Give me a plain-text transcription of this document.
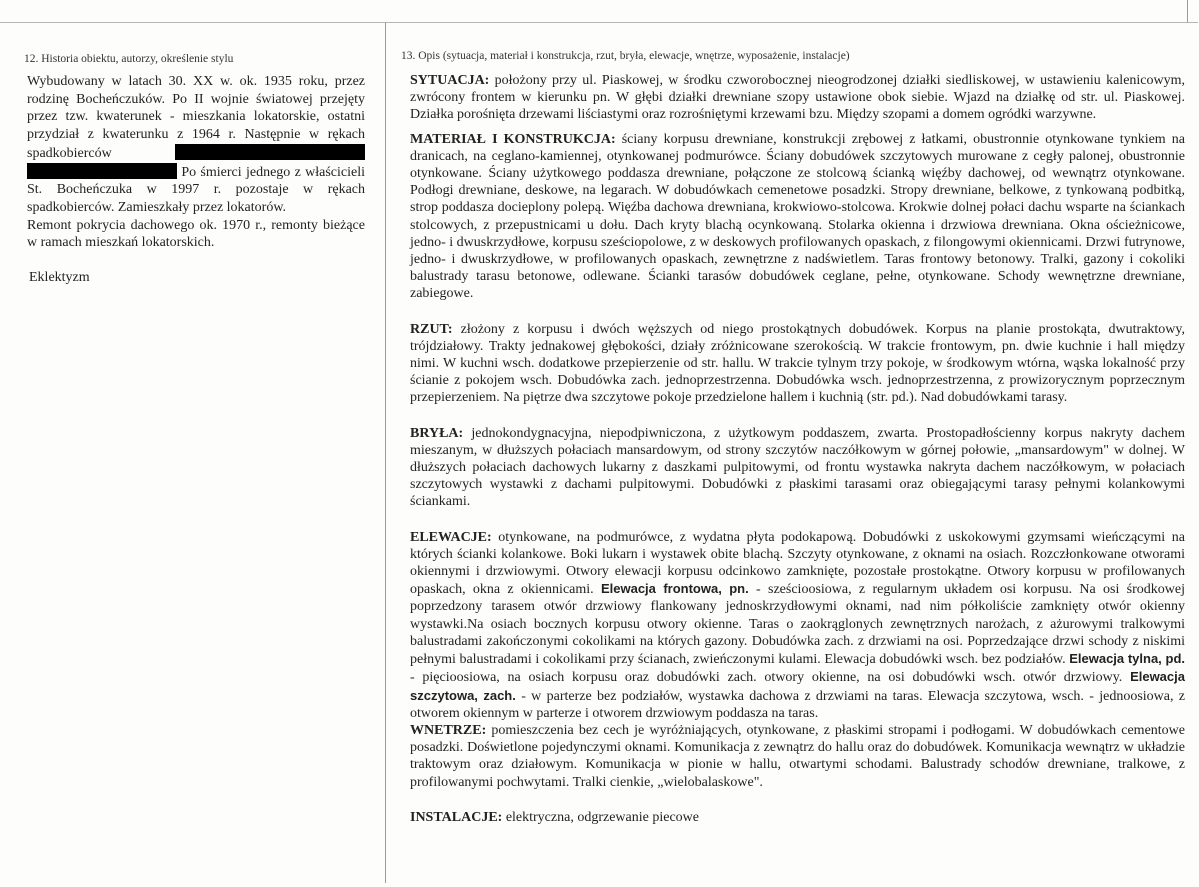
12. Historia obiektu, autorzy, określenie stylu

Wybudowany w latach 30. XX w. ok. 1935 roku, przez rodzinę Bocheńczuków. Po II wojnie światowej przejęty przez tzw. kwaterunek - mieszkania lokatorskie, ostatni przydział z kwaterunku z 1964 r. Następnie w rękach spadkobierców   Po śmierci jednego z właścicieli St. Bocheńczuka w 1997 r. pozostaje w rękach spadkobierców. Zamieszkały przez lokatorów.

Remont pokrycia dachowego ok. 1970 r., remonty bieżące w ramach mieszkań lokatorskich.

Eklektyzm
13. Opis (sytuacja, materiał i konstrukcja, rzut, bryła, elewacje, wnętrze, wyposażenie, instalacje)

SYTUACJA: położony przy ul. Piaskowej, w środku czworobocznej nieogrodzonej działki siedliskowej, w ustawieniu kalenicowym, zwrócony frontem w kierunku pn. W głębi działki drewniane szopy ustawione obok siebie. Wjazd na działkę od str. ul. Piaskowej. Działka porośnięta drzewami liściastymi oraz rozrośniętymi krzewami bzu. Między szopami a domem ogródki warzywne.

MATERIAŁ I KONSTRUKCJA: ściany korpusu drewniane, konstrukcji zrębowej z łatkami, obustronnie otynkowane tynkiem na dranicach, na ceglano-kamiennej, otynkowanej podmurówce. Ściany dobudówek szczytowych murowane z cegły palonej, obustronnie otynkowane. Ściany użytkowego poddasza drewniane, połączone ze stolcową ścianką więźby dachowej, od wewnątrz otynkowane. Podłogi drewniane, deskowe, na legarach. W dobudówkach cemenetowe posadzki. Stropy drewniane, belkowe, z tynkowaną podbitką, strop poddasza docieplony polepą. Więźba dachowa drewniana, krokwiowo-stolcowa. Krokwie dolnej połaci dachu wsparte na ściankach stolcowych, z przepustnicami u dołu. Dach kryty blachą ocynkowaną. Stolarka okienna i drzwiowa drewniana. Okna ościeżnicowe, jedno- i dwuskrzydłowe, korpusu sześciopolowe, z w deskowych profilowanych opaskach, z filongowymi okiennicami. Drzwi futrynowe, jedno- i dwuskrzydłowe, w profilowanych opaskach, zewnętrzne z nadświetlem. Taras frontowy betonowy. Tralki, gazony i cokoliki balustrady tarasu betonowe, odlewane. Ścianki tarasów dobudówek ceglane, pełne, otynkowane. Schody wewnętrzne drewniane, zabiegowe.

RZUT: złożony z korpusu i dwóch węższych od niego prostokątnych dobudówek. Korpus na planie prostokąta, dwutraktowy, trójdziałowy. Trakty jednakowej głębokości, działy zróżnicowane szerokością. W trakcie frontowym, pn. dwie kuchnie i hall między nimi. W kuchni wsch. dodatkowe przepierzenie od str. hallu. W trakcie tylnym trzy pokoje, w środkowym wtórna, wąska lokalność przy ścianie z pokojem wsch. Dobudówka zach. jednoprzestrzenna. Dobudówka wsch. jednoprzestrzenna, z prowizorycznym poprzecznym przepierzeniem. Na piętrze dwa szczytowe pokoje przedzielone hallem i kuchnią (str. pd.). Nad dobudówkami tarasy.

BRYŁA: jednokondygnacyjna, niepodpiwniczona, z użytkowym poddaszem, zwarta. Prostopadłościenny korpus nakryty dachem mieszanym, w dłuższych połaciach mansardowym, od strony szczytów naczółkowym w górnej połowie, „mansardowym" w dolnej. W dłuższych połaciach dachowych lukarny z daszkami pulpitowymi, od frontu wystawka nakryta dachem naczółkowym, w połaciach szczytowych wystawki z dachami pulpitowymi. Dobudówki z płaskimi tarasami oraz obiegającymi tarasy pełnymi kolankowymi ściankami.

ELEWACJE: otynkowane, na podmurówce, z wydatna płyta podokapową. Dobudówki z uskokowymi gzymsami wieńczącymi na których ścianki kolankowe. Boki lukarn i wystawek obite blachą. Szczyty otynkowane, z oknami na osiach. Rozczłonkowane otworami okiennymi i drzwiowymi. Otwory elewacji korpusu odcinkowo zamknięte, pozostałe prostokątne. Otwory korpusu w profilowanych opaskach, okna z okiennicami. Elewacja frontowa, pn. - sześcioosiowa, z regularnym układem osi korpusu. Na osi środkowej poprzedzony tarasem otwór drzwiowy flankowany jednoskrzydłowymi oknami, nad nim półkoliście zamknięty otwór okienny wystawki.Na osiach bocznych korpusu otwory okienne. Taras o zaokrąglonych zewnętrznych narożach, z ażurowymi tralkowymi balustradami zakończonymi cokolikami na których gazony. Dobudówka zach. z drzwiami na osi. Poprzedzające drzwi schody z niskimi pełnymi balustradami i cokolikami przy ścianach, zwieńczonymi kulami. Elewacja dobudówki wsch. bez podziałów. Elewacja tylna, pd. - pięcioosiowa, na osiach korpusu oraz dobudówki zach. otwory okienne, na osi dobudówki wsch. otwór drzwiowy. Elewacja szczytowa, zach. - w parterze bez podziałów, wystawka dachowa z drzwiami na taras. Elewacja szczytowa, wsch. - jednoosiowa, z otworem okiennym w parterze i otworem drzwiowym poddasza na taras.

WNETRZE: pomieszczenia bez cech je wyróżniających, otynkowane, z płaskimi stropami i podłogami. W dobudówkach cementowe posadzki. Doświetlone pojedynczymi oknami. Komunikacja z zewnątrz do hallu oraz do dobudówek. Komunikacja wewnątrz w układzie traktowym oraz działowym. Komunikacja w pionie w hallu, otwartymi schodami. Balustrady schodów drewniane, tralkowe, z profilowanymi pochwytami. Tralki cienkie, „wielobalaskowe".

INSTALACJE: elektryczna, odgrzewanie piecowe
